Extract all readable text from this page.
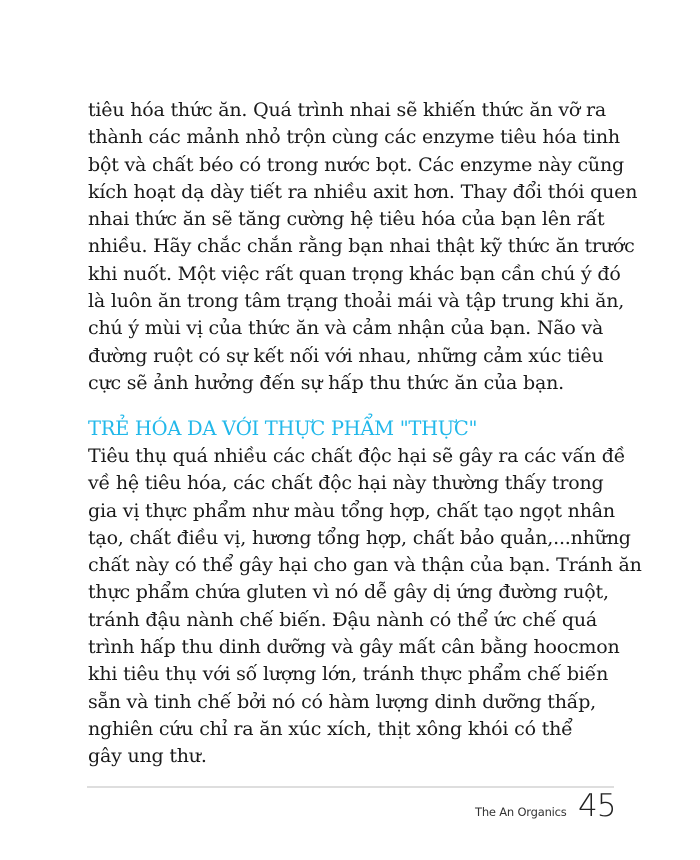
tiêu hóa thức ăn. Quá trình nhai sẽ khiến thức ăn vỡ ra
thành các mảnh nhỏ trộn cùng các enzyme tiêu hóa tinh
bột và chất béo có trong nước bọt. Các enzyme này cũng
kích hoạt dạ dày tiết ra nhiều axit hơn. Thay đổi thói quen
nhai thức ăn sẽ tăng cường hệ tiêu hóa của bạn lên rất
nhiều. Hãy chắc chắn rằng bạn nhai thật kỹ thức ăn trước
khi nuốt. Một việc rất quan trọng khác bạn cần chú ý đó
là luôn ăn trong tâm trạng thoải mái và tập trung khi ăn,
chú ý mùi vị của thức ăn và cảm nhận của bạn. Não và
đường ruột có sự kết nối với nhau, những cảm xúc tiêu
cực sẽ ảnh hưởng đến sự hấp thu thức ăn của bạn.
TRẺ HÓA DA VỚI THỰC PHẨM "THỰC"
Tiêu thụ quá nhiều các chất độc hại sẽ gây ra các vấn đề
về hệ tiêu hóa, các chất độc hại này thường thấy trong
gia vị thực phẩm như màu tổng hợp, chất tạo ngọt nhân
tạo, chất điều vị, hương tổng hợp, chất bảo quản,...những
chất này có thể gây hại cho gan và thận của bạn. Tránh ăn
thực phẩm chứa gluten vì nó dễ gây dị ứng đường ruột,
tránh đậu nành chế biến. Đậu nành có thể ức chế quá
trình hấp thu dinh dưỡng và gây mất cân bằng hoocmon
khi tiêu thụ với số lượng lớn, tránh thực phẩm chế biến
sẵn và tinh chế bởi nó có hàm lượng dinh dưỡng thấp,
nghiên cứu chỉ ra ăn xúc xích, thịt xông khói có thể
gây ung thư.
The An Organics 45
